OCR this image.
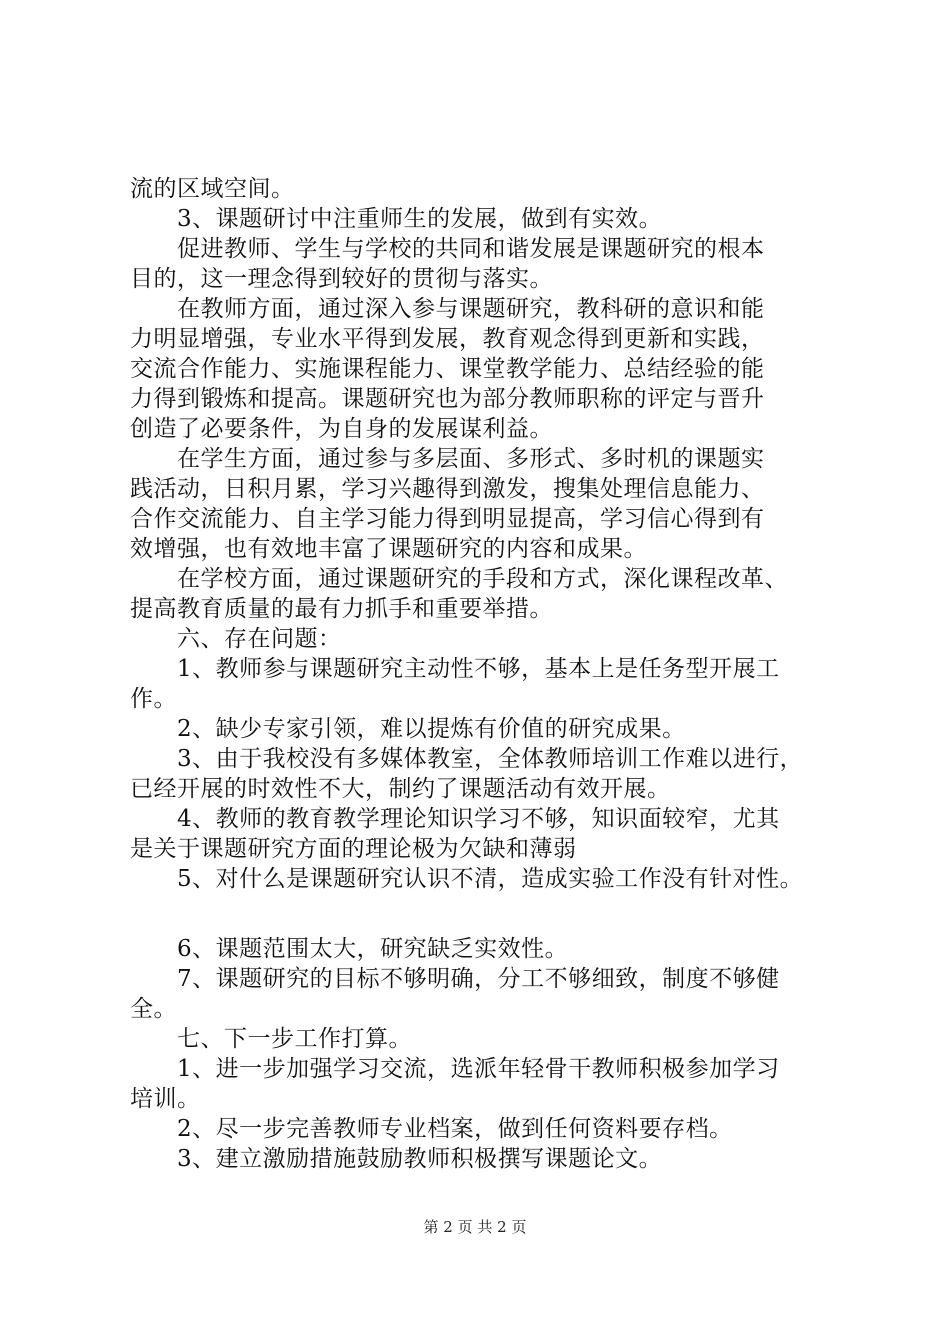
流的区域空间。
　　3、课题研讨中注重师生的发展，做到有实效。
　　促进教师、学生与学校的共同和谐发展是课题研究的根本
目的，这一理念得到较好的贯彻与落实。
　　在教师方面，通过深入参与课题研究，教科研的意识和能
力明显增强，专业水平得到发展，教育观念得到更新和实践，
交流合作能力、实施课程能力、课堂教学能力、总结经验的能
力得到锻炼和提高。课题研究也为部分教师职称的评定与晋升
创造了必要条件，为自身的发展谋利益。
　　在学生方面，通过参与多层面、多形式、多时机的课题实
践活动，日积月累，学习兴趣得到激发，搜集处理信息能力、
合作交流能力、自主学习能力得到明显提高，学习信心得到有
效增强，也有效地丰富了课题研究的内容和成果。
　　在学校方面，通过课题研究的手段和方式，深化课程改革、
提高教育质量的最有力抓手和重要举措。
　　六、存在问题：
　　1、教师参与课题研究主动性不够，基本上是任务型开展工
作。
　　2、缺少专家引领，难以提炼有价值的研究成果。
　　3、由于我校没有多媒体教室，全体教师培训工作难以进行，
已经开展的时效性不大，制约了课题活动有效开展。
　　4、教师的教育教学理论知识学习不够，知识面较窄，尤其
是关于课题研究方面的理论极为欠缺和薄弱
　　5、对什么是课题研究认识不清，造成实验工作没有针对性。
　　6、课题范围太大，研究缺乏实效性。
　　7、课题研究的目标不够明确，分工不够细致，制度不够健
全。
　　七、下一步工作打算。
　　1、进一步加强学习交流，选派年轻骨干教师积极参加学习
培训。
　　2、尽一步完善教师专业档案，做到任何资料要存档。
　　3、建立激励措施鼓励教师积极撰写课题论文。
第 2 页 共 2 页
